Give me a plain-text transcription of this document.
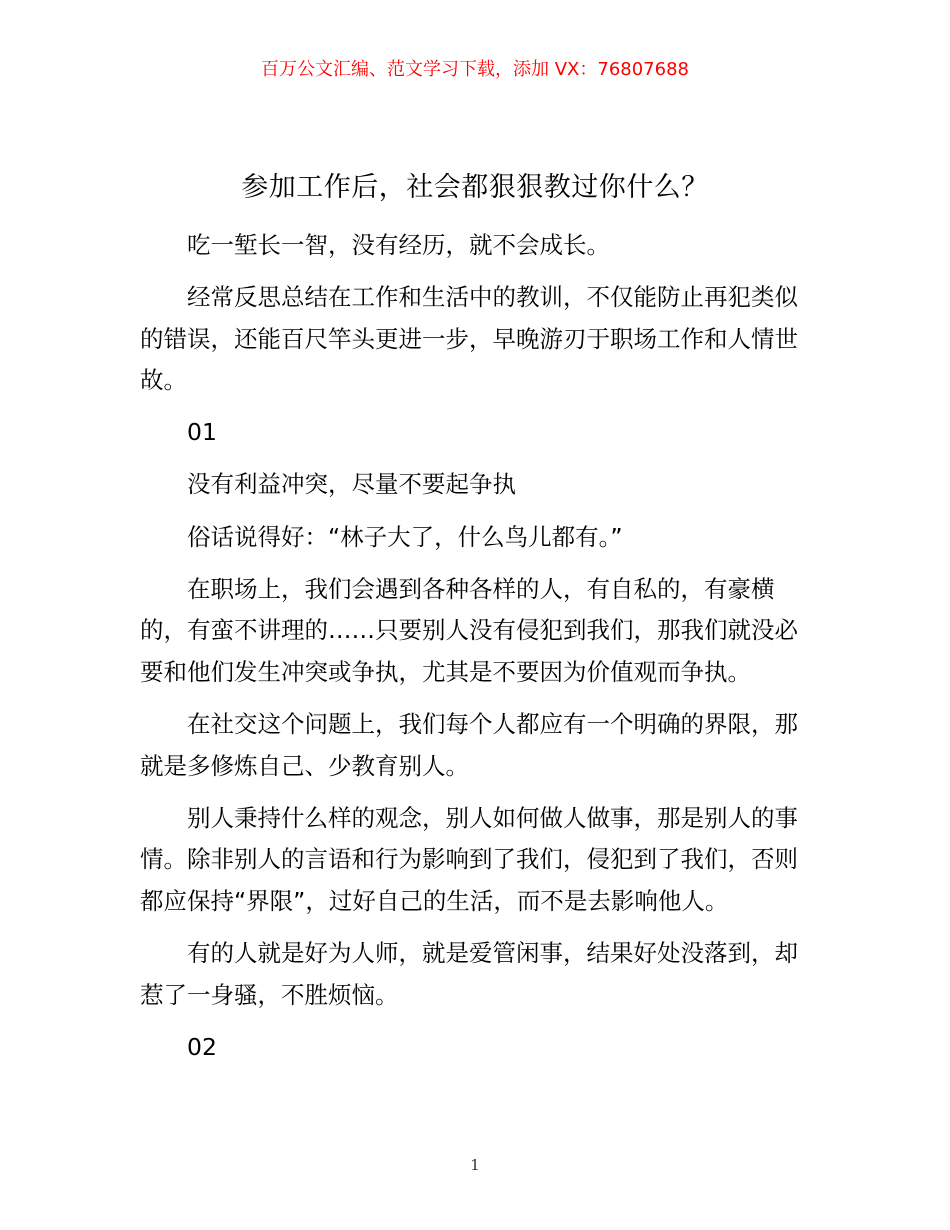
百万公文汇编、范文学习下载，添加 VX：76807688
参加工作后，社会都狠狠教过你什么？

吃一堑长一智，没有经历，就不会成长。

经常反思总结在工作和生活中的教训，不仅能防止再犯类似的错误，还能百尺竿头更进一步，早晚游刃于职场工作和人情世故。

01

没有利益冲突，尽量不要起争执

俗话说得好：“林子大了，什么鸟儿都有。”

在职场上，我们会遇到各种各样的人，有自私的，有豪横的，有蛮不讲理的……只要别人没有侵犯到我们，那我们就没必要和他们发生冲突或争执，尤其是不要因为价值观而争执。

在社交这个问题上，我们每个人都应有一个明确的界限，那就是多修炼自己、少教育别人。

别人秉持什么样的观念，别人如何做人做事，那是别人的事情。除非别人的言语和行为影响到了我们，侵犯到了我们，否则都应保持“界限”，过好自己的生活，而不是去影响他人。

有的人就是好为人师，就是爱管闲事，结果好处没落到，却惹了一身骚，不胜烦恼。

02

1
